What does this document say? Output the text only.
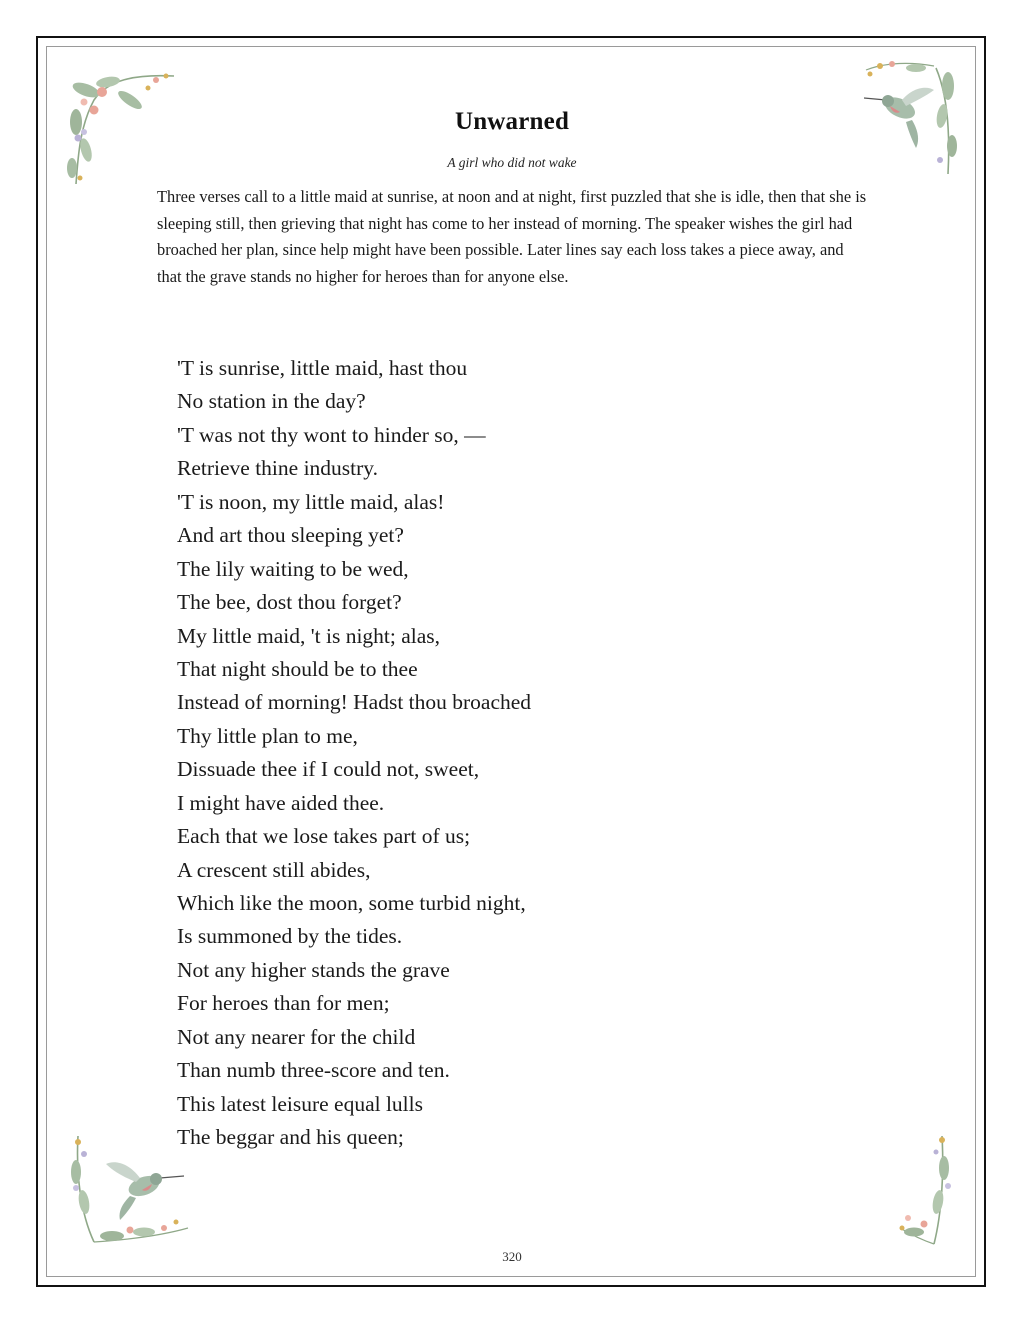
Unwarned
A girl who did not wake
Three verses call to a little maid at sunrise, at noon and at night, first puzzled that she is idle, then that she is sleeping still, then grieving that night has come to her instead of morning. The speaker wishes the girl had broached her plan, since help might have been possible. Later lines say each loss takes a piece away, and that the grave stands no higher for heroes than for anyone else.
'T is sunrise, little maid, hast thou
No station in the day?
'T was not thy wont to hinder so, —
Retrieve thine industry.
'T is noon, my little maid, alas!
And art thou sleeping yet?
The lily waiting to be wed,
The bee, dost thou forget?
My little maid, 't is night; alas,
That night should be to thee
Instead of morning! Hadst thou broached
Thy little plan to me,
Dissuade thee if I could not, sweet,
I might have aided thee.
Each that we lose takes part of us;
A crescent still abides,
Which like the moon, some turbid night,
Is summoned by the tides.
Not any higher stands the grave
For heroes than for men;
Not any nearer for the child
Than numb three-score and ten.
This latest leisure equal lulls
The beggar and his queen;
320
